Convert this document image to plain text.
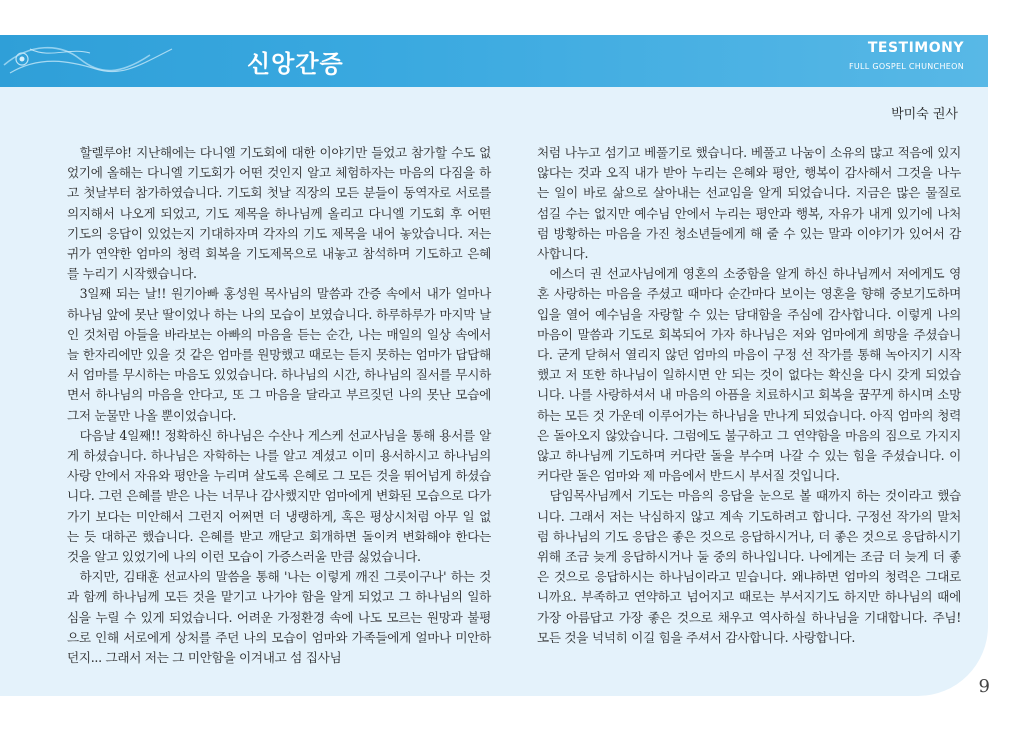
신앙간증
TESTIMONY
FULL GOSPEL CHUNCHEON
박미숙 권사

할렐루야! 지난해에는 다니엘 기도회에 대한 이야기만 들었고 참가할 수도 없었기에 올해는 다니엘 기도회가 어떤 것인지 알고 체험하자는 마음의 다짐을 하고 첫날부터 참가하였습니다. 기도회 첫날 직장의 모든 분들이 동역자로 서로를 의지해서 나오게 되었고, 기도 제목을 하나님께 올리고 다니엘 기도회 후 어떤 기도의 응답이 있었는지 기대하자며 각자의 기도 제목을 내어 놓았습니다. 저는 귀가 연약한 엄마의 청력 회복을 기도제목으로 내놓고 참석하며 기도하고 은혜를 누리기 시작했습니다.

3일째 되는 날!! 원기아빠 홍성원 목사님의 말씀과 간증 속에서 내가 얼마나 하나님 앞에 못난 딸이었나 하는 나의 모습이 보였습니다. 하루하루가 마지막 날인 것처럼 아들을 바라보는 아빠의 마음을 듣는 순간, 나는 매일의 일상 속에서 늘 한자리에만 있을 것 같은 엄마를 원망했고 때로는 듣지 못하는 엄마가 답답해서 엄마를 무시하는 마음도 있었습니다. 하나님의 시간, 하나님의 질서를 무시하면서 하나님의 마음을 안다고, 또 그 마음을 달라고 부르짖던 나의 못난 모습에 그저 눈물만 나올 뿐이었습니다.

다음날 4일째!! 정확하신 하나님은 수산나 게스케 선교사님을 통해 용서를 알게 하셨습니다. 하나님은 자학하는 나를 알고 계셨고 이미 용서하시고 하나님의 사랑 안에서 자유와 평안을 누리며 살도록 은혜로 그 모든 것을 뛰어넘게 하셨습니다. 그런 은혜를 받은 나는 너무나 감사했지만 엄마에게 변화된 모습으로 다가가기 보다는 미안해서 그런지 어쩌면 더 냉랭하게, 혹은 평상시처럼 아무 일 없는 듯 대하곤 했습니다. 은혜를 받고 깨닫고 회개하면 돌이켜 변화해야 한다는 것을 알고 있었기에 나의 이런 모습이 가증스러울 만큼 싫었습니다.

하지만, 김태훈 선교사의 말씀을 통해 '나는 이렇게 깨진 그릇이구나' 하는 것과 함께 하나님께 모든 것을 맡기고 나가야 함을 알게 되었고 그 하나님의 일하심을 누릴 수 있게 되었습니다. 어려운 가정환경 속에 나도 모르는 원망과 불평으로 인해 서로에게 상처를 주던 나의 모습이 엄마와 가족들에게 얼마나 미안하던지... 그래서 저는 그 미안함을 이겨내고 섬 집사님

처럼 나누고 섬기고 베풀기로 했습니다. 베풀고 나눔이 소유의 많고 적음에 있지 않다는 것과 오직 내가 받아 누리는 은혜와 평안, 행복이 감사해서 그것을 나누는 일이 바로 삶으로 살아내는 선교임을 알게 되었습니다. 지금은 많은 물질로 섬길 수는 없지만 예수님 안에서 누리는 평안과 행복, 자유가 내게 있기에 나처럼 방황하는 마음을 가진 청소년들에게 해 줄 수 있는 말과 이야기가 있어서 감사합니다.

에스더 권 선교사님에게 영혼의 소중함을 알게 하신 하나님께서 저에게도 영혼 사랑하는 마음을 주셨고 때마다 순간마다 보이는 영혼을 향해 중보기도하며 입을 열어 예수님을 자랑할 수 있는 담대함을 주심에 감사합니다. 이렇게 나의 마음이 말씀과 기도로 회복되어 가자 하나님은 저와 엄마에게 희망을 주셨습니다. 굳게 닫혀서 열리지 않던 엄마의 마음이 구정 선 작가를 통해 녹아지기 시작했고 저 또한 하나님이 일하시면 안 되는 것이 없다는 확신을 다시 갖게 되었습니다. 나를 사랑하셔서 내 마음의 아픔을 치료하시고 회복을 꿈꾸게 하시며 소망하는 모든 것 가운데 이루어가는 하나님을 만나게 되었습니다. 아직 엄마의 청력은 돌아오지 않았습니다. 그럼에도 불구하고 그 연약함을 마음의 짐으로 가지지 않고 하나님께 기도하며 커다란 돌을 부수며 나갈 수 있는 힘을 주셨습니다. 이 커다란 돌은 엄마와 제 마음에서 반드시 부서질 것입니다.

담임목사님께서 기도는 마음의 응답을 눈으로 볼 때까지 하는 것이라고 했습니다. 그래서 저는 낙심하지 않고 계속 기도하려고 합니다. 구정선 작가의 말처럼 하나님의 기도 응답은 좋은 것으로 응답하시거나, 더 좋은 것으로 응답하시기 위해 조금 늦게 응답하시거나 둘 중의 하나입니다. 나에게는 조금 더 늦게 더 좋은 것으로 응답하시는 하나님이라고 믿습니다. 왜냐하면 엄마의 청력은 그대로니까요. 부족하고 연약하고 넘어지고 때로는 부서지기도 하지만 하나님의 때에 가장 아름답고 가장 좋은 것으로 채우고 역사하실 하나님을 기대합니다. 주님! 모든 것을 넉넉히 이길 힘을 주셔서 감사합니다. 사랑합니다.

9
